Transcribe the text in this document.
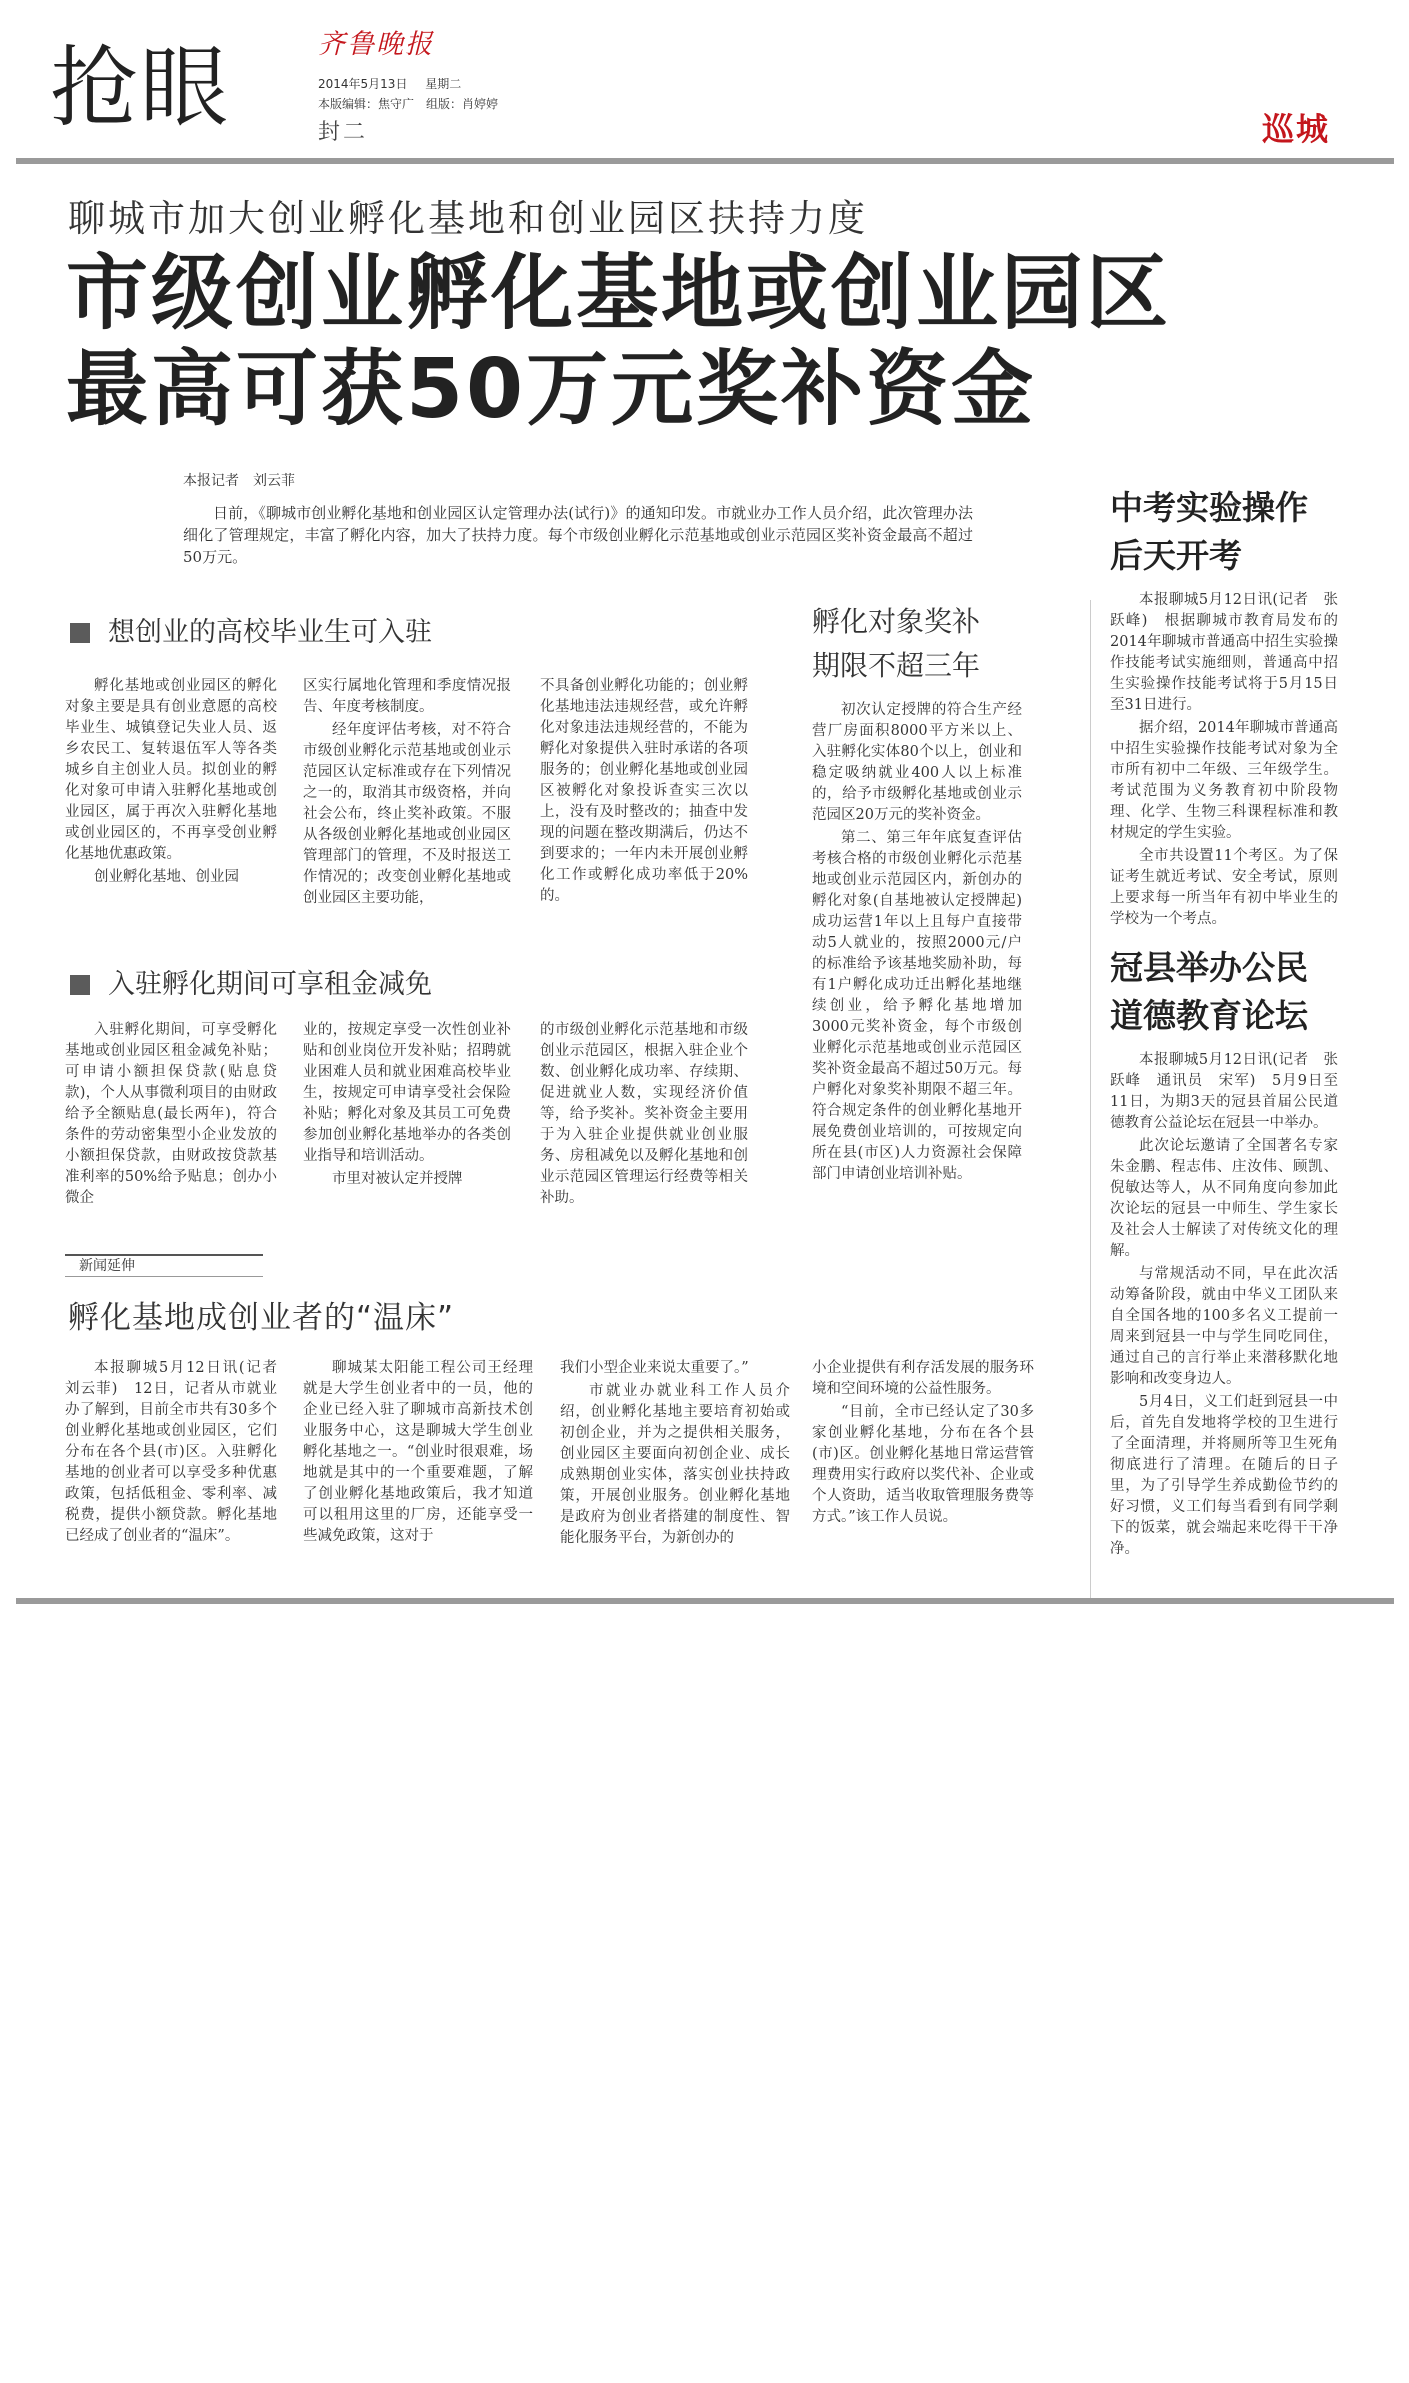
抢眼	齐鲁晚报
2014年5月13日 星期二
本版编辑：焦守广　组版：肖婷婷
封二	巡城
聊城市加大创业孵化基地和创业园区扶持力度
市级创业孵化基地或创业园区
最高可获50万元奖补资金
本报记者　刘云菲

日前，《聊城市创业孵化基地和创业园区认定管理办法(试行)》的通知印发。市就业办工作人员介绍，此次管理办法细化了管理规定，丰富了孵化内容，加大了扶持力度。每个市级创业孵化示范基地或创业示范园区奖补资金最高不超过50万元。

想创业的高校毕业生可入驻

孵化基地或创业园区的孵化对象主要是具有创业意愿的高校毕业生、城镇登记失业人员、返乡农民工、复转退伍军人等各类城乡自主创业人员。拟创业的孵化对象可申请入驻孵化基地或创业园区，属于再次入驻孵化基地或创业园区的，不再享受创业孵化基地优惠政策。

创业孵化基地、创业园

区实行属地化管理和季度情况报告、年度考核制度。

经年度评估考核，对不符合市级创业孵化示范基地或创业示范园区认定标准或存在下列情况之一的，取消其市级资格，并向社会公布，终止奖补政策。不服从各级创业孵化基地或创业园区管理部门的管理，不及时报送工作情况的；改变创业孵化基地或创业园区主要功能，

不具备创业孵化功能的；创业孵化基地违法违规经营，或允许孵化对象违法违规经营的，不能为孵化对象提供入驻时承诺的各项服务的；创业孵化基地或创业园区被孵化对象投诉查实三次以上，没有及时整改的；抽查中发现的问题在整改期满后，仍达不到要求的；一年内未开展创业孵化工作或孵化成功率低于20%的。

入驻孵化期间可享租金减免

入驻孵化期间，可享受孵化基地或创业园区租金减免补贴；可申请小额担保贷款(贴息贷款)，个人从事微利项目的由财政给予全额贴息(最长两年)，符合条件的劳动密集型小企业发放的小额担保贷款，由财政按贷款基准利率的50%给予贴息；创办小微企

业的，按规定享受一次性创业补贴和创业岗位开发补贴；招聘就业困难人员和就业困难高校毕业生，按规定可申请享受社会保险补贴；孵化对象及其员工可免费参加创业孵化基地举办的各类创业指导和培训活动。

市里对被认定并授牌

的市级创业孵化示范基地和市级创业示范园区，根据入驻企业个数、创业孵化成功率、存续期、促进就业人数，实现经济价值等，给予奖补。奖补资金主要用于为入驻企业提供就业创业服务、房租减免以及孵化基地和创业示范园区管理运行经费等相关补助。

孵化对象奖补
期限不超三年

初次认定授牌的符合生产经营厂房面积8000平方米以上、入驻孵化实体80个以上，创业和稳定吸纳就业400人以上标准的，给予市级孵化基地或创业示范园区20万元的奖补资金。

第二、第三年年底复查评估考核合格的市级创业孵化示范基地或创业示范园区内，新创办的孵化对象(自基地被认定授牌起)成功运营1年以上且每户直接带动5人就业的，按照2000元/户的标准给予该基地奖励补助，每有1户孵化成功迁出孵化基地继续创业，给予孵化基地增加3000元奖补资金，每个市级创业孵化示范基地或创业示范园区奖补资金最高不超过50万元。每户孵化对象奖补期限不超三年。符合规定条件的创业孵化基地开展免费创业培训的，可按规定向所在县(市区)人力资源社会保障部门申请创业培训补贴。

新闻延伸
孵化基地成创业者的“温床”

本报聊城5月12日讯(记者　刘云菲)　12日，记者从市就业办了解到，目前全市共有30多个创业孵化基地或创业园区，它们分布在各个县(市)区。入驻孵化基地的创业者可以享受多种优惠政策，包括低租金、零利率、减税费，提供小额贷款。孵化基地已经成了创业者的“温床”。

聊城某太阳能工程公司王经理就是大学生创业者中的一员，他的企业已经入驻了聊城市高新技术创业服务中心，这是聊城大学生创业孵化基地之一。“创业时很艰难，场地就是其中的一个重要难题，了解了创业孵化基地政策后，我才知道可以租用这里的厂房，还能享受一些减免政策，这对于

我们小型企业来说太重要了。”

市就业办就业科工作人员介绍，创业孵化基地主要培育初始或初创企业，并为之提供相关服务，创业园区主要面向初创企业、成长成熟期创业实体，落实创业扶持政策，开展创业服务。创业孵化基地是政府为创业者搭建的制度性、智能化服务平台，为新创办的

小企业提供有利存活发展的服务环境和空间环境的公益性服务。

“目前，全市已经认定了30多家创业孵化基地，分布在各个县(市)区。创业孵化基地日常运营管理费用实行政府以奖代补、企业或个人资助，适当收取管理服务费等方式。”该工作人员说。

中考实验操作
后天开考

本报聊城5月12日讯(记者　张跃峰)　根据聊城市教育局发布的2014年聊城市普通高中招生实验操作技能考试实施细则，普通高中招生实验操作技能考试将于5月15日至31日进行。

据介绍，2014年聊城市普通高中招生实验操作技能考试对象为全市所有初中二年级、三年级学生。考试范围为义务教育初中阶段物理、化学、生物三科课程标准和教材规定的学生实验。

全市共设置11个考区。为了保证考生就近考试、安全考试，原则上要求每一所当年有初中毕业生的学校为一个考点。

冠县举办公民
道德教育论坛

本报聊城5月12日讯(记者　张跃峰　通讯员　宋军)　5月9日至11日，为期3天的冠县首届公民道德教育公益论坛在冠县一中举办。

此次论坛邀请了全国著名专家朱金鹏、程志伟、庄汝伟、顾凯、倪敏达等人，从不同角度向参加此次论坛的冠县一中师生、学生家长及社会人士解读了对传统文化的理解。

与常规活动不同，早在此次活动筹备阶段，就由中华义工团队来自全国各地的100多名义工提前一周来到冠县一中与学生同吃同住，通过自己的言行举止来潜移默化地影响和改变身边人。

5月4日，义工们赶到冠县一中后，首先自发地将学校的卫生进行了全面清理，并将厕所等卫生死角彻底进行了清理。在随后的日子里，为了引导学生养成勤俭节约的好习惯，义工们每当看到有同学剩下的饭菜，就会端起来吃得干干净净。
